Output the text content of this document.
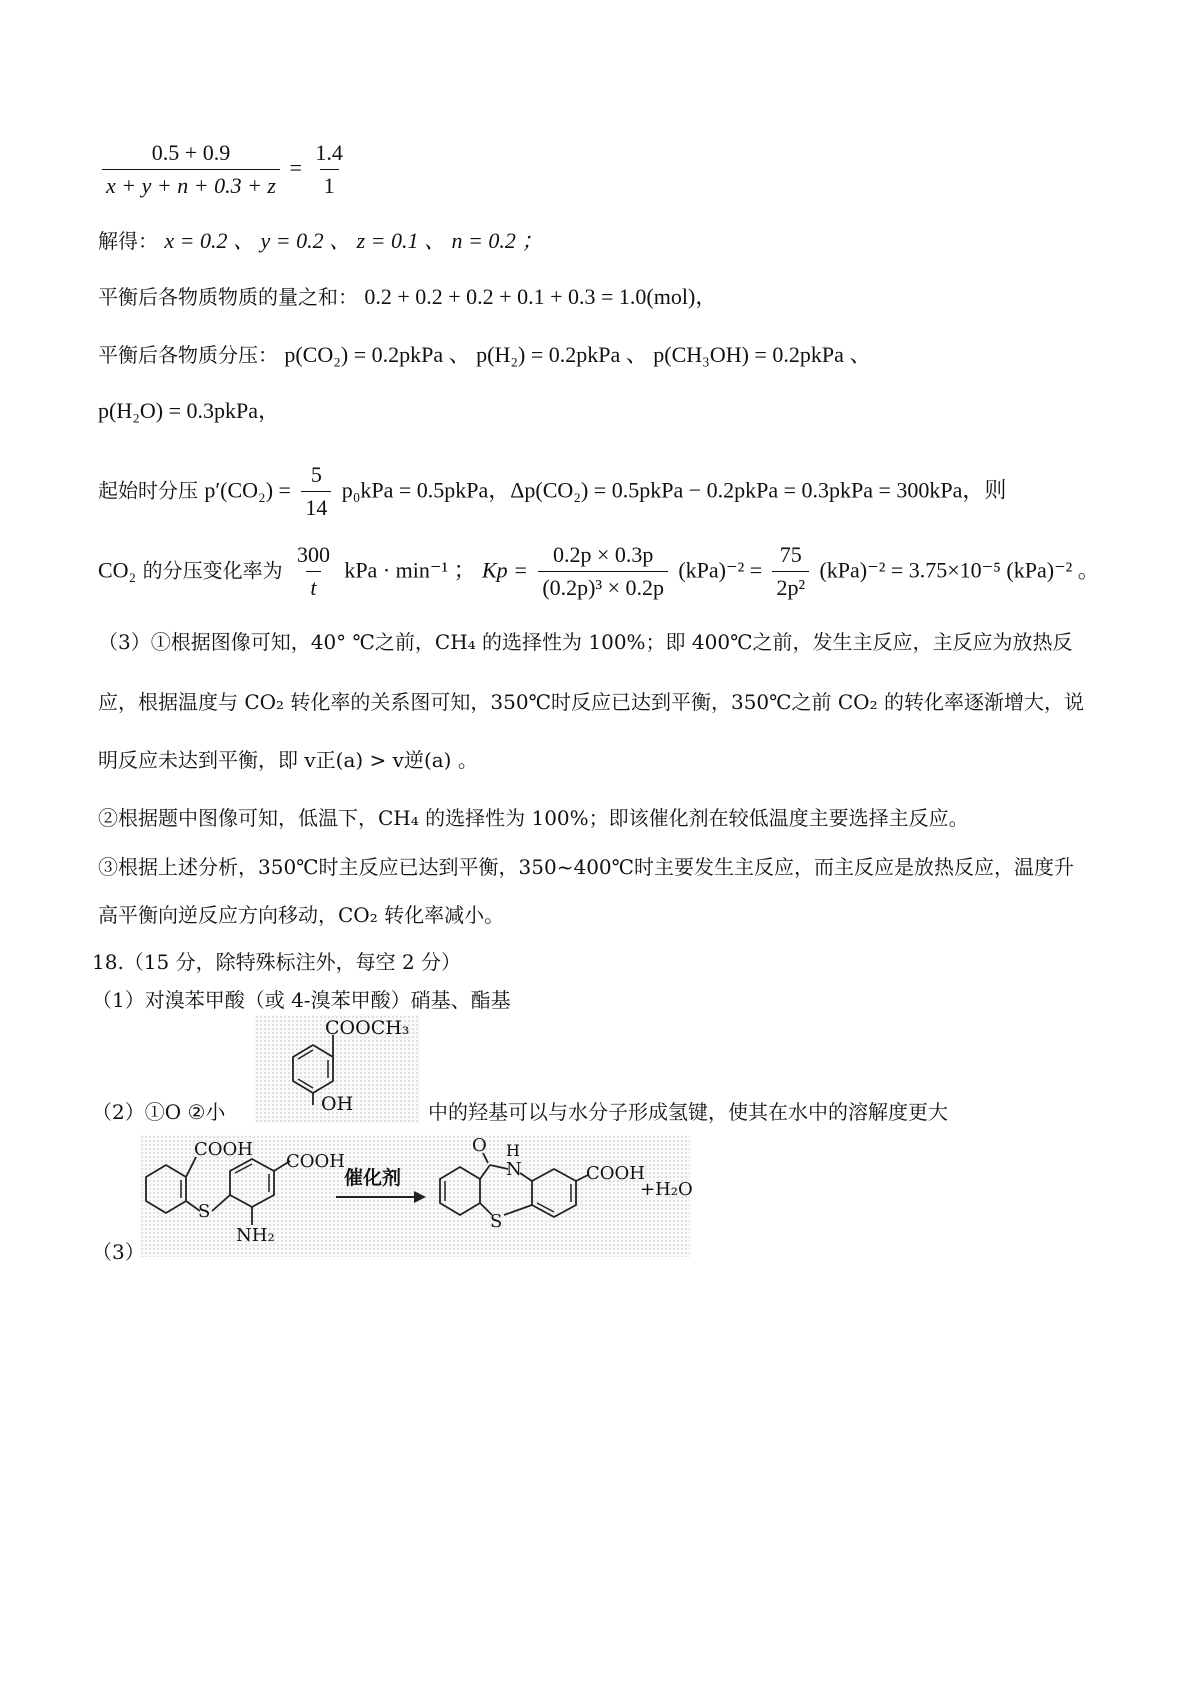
$\frac{0.5 + 0.9}{x + y + n + 0.3 + z} = \frac{1.4}{1}$
解得： x = 0.2 、 y = 0.2 、 z = 0.1 、 n = 0.2 ；
平衡后各物质物质的量之和： 0.2 + 0.2 + 0.2 + 0.1 + 0.3 = 1.0(mol)，
平衡后各物质分压： p(CO₂) = 0.2pkPa 、 p(H₂) = 0.2pkPa 、 p(CH₃OH) = 0.2pkPa 、
p(H₂O) = 0.3pkPa，
起始时分压 $p'(CO_2) = \frac{5}{14} p_0kPa$ = 0.5pkPa，Δp(CO₂) = 0.5pkPa − 0.2pkPa = 0.3pkPa = 300kPa，则
CO₂ 的分压变化率为 $\frac{300}{t}$ kPa · min⁻¹ ； $Kp = \frac{0.2p \times 0.3p}{\text{(0.2p)³ × 0.2p}} (kPa)^{-2} = \frac{75}{\text{2p²}} (kPa)^{-2} = 3.75\times 10^{-5}$ (kPa)⁻² 。
（3）①根据图像可知，40° ℃之前，CH₄ 的选择性为 100%；即 400℃之前，发生主反应，主反应为放热反
应，根据温度与 CO₂ 转化率的关系图可知，350℃时反应已达到平衡，350℃之前 CO₂ 的转化率逐渐增大，说
明反应未达到平衡，即 v正(a) > v逆(a) 。
②根据题中图像可知，低温下，CH₄ 的选择性为 100%；即该催化剂在较低温度主要选择主反应。
③根据上述分析，350℃时主反应已达到平衡，350~400℃时主要发生主反应，而主反应是放热反应，温度升
高平衡向逆反应方向移动，CO₂ 转化率减小。
18.（15 分，除特殊标注外，每空 2 分）
（1）对溴苯甲酸（或 4-溴苯甲酸）硝基、酯基
COOCH₃
OH
（2）①O ②小	中的羟基可以与水分子形成氢键，使其在水中的溶解度更大
COOH
COOH
S
NH₂
催化剂
O H
N
S
COOH
+H₂O
（3）
